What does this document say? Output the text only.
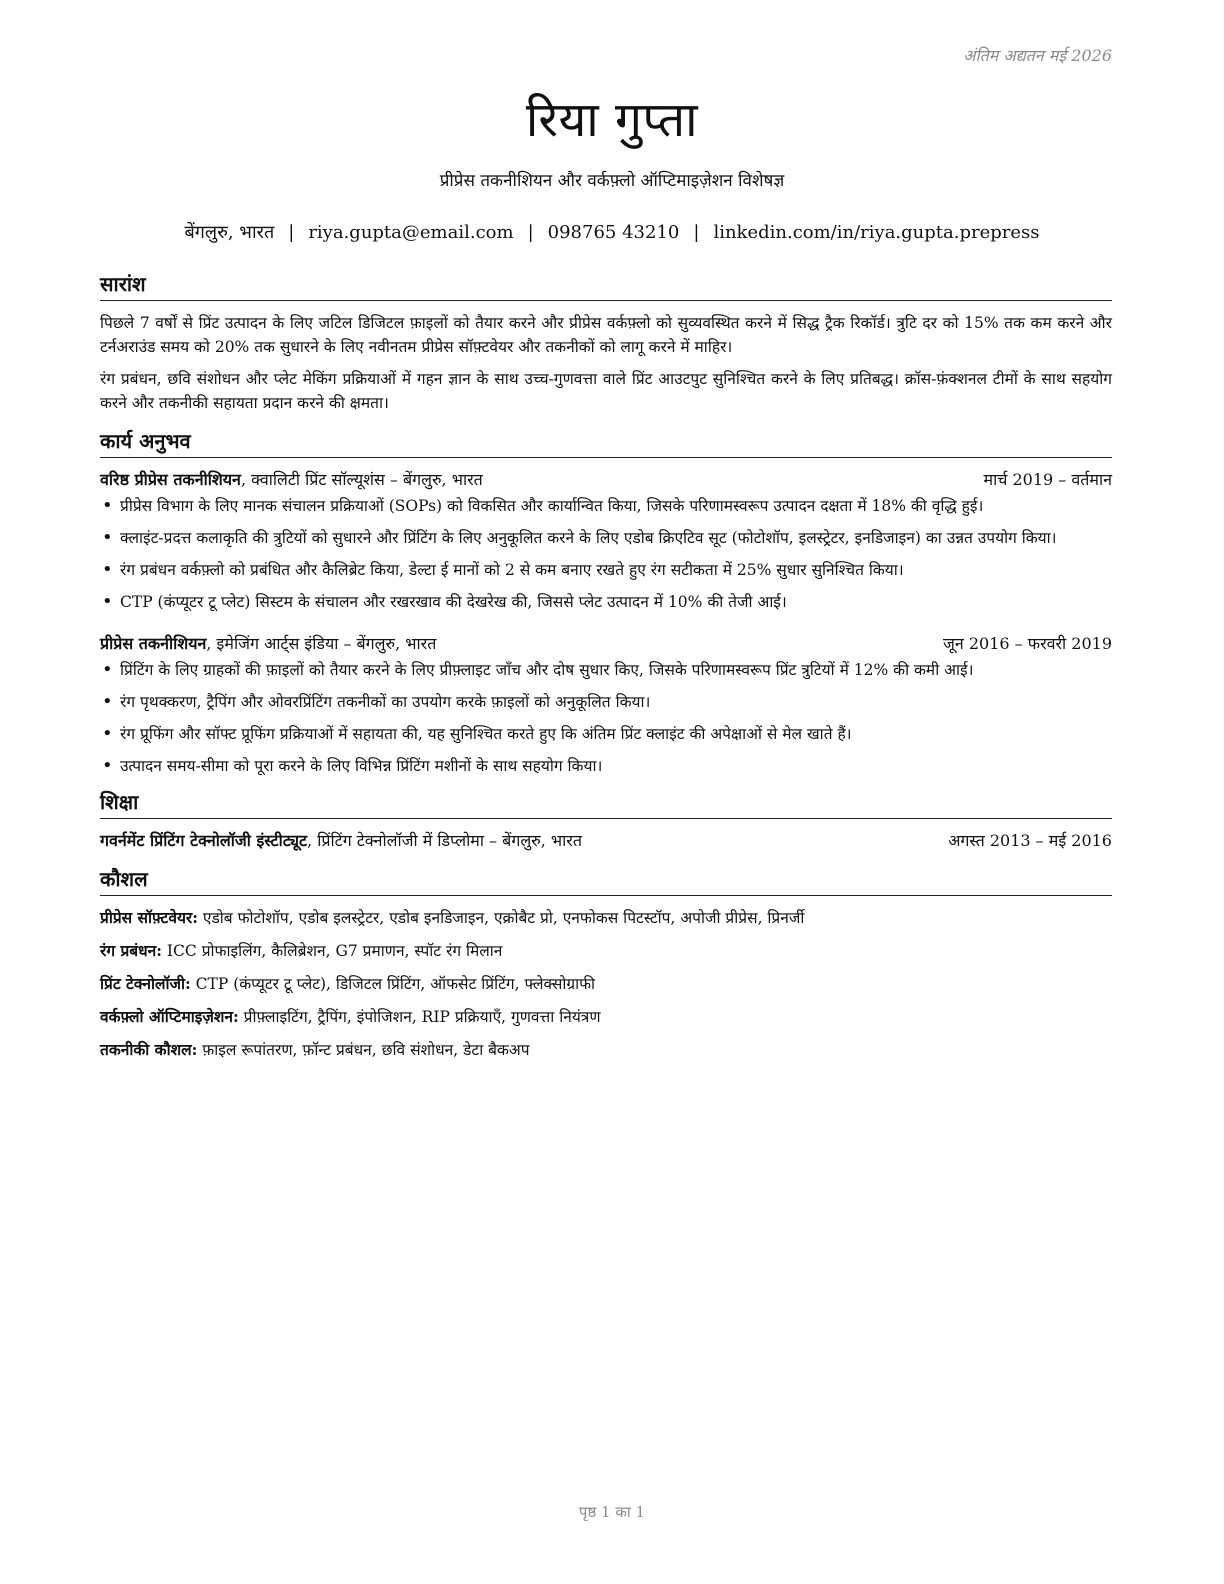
अंतिम अद्यतन मई 2026
रिया गुप्ता
प्रीप्रेस तकनीशियन और वर्कफ़्लो ऑप्टिमाइज़ेशन विशेषज्ञ
बेंगलुरु, भारत | riya.gupta@email.com | 098765 43210 | linkedin.com/in/riya.gupta.prepress
सारांश

पिछले 7 वर्षों से प्रिंट उत्पादन के लिए जटिल डिजिटल फ़ाइलों को तैयार करने और प्रीप्रेस वर्कफ़्लो को सुव्यवस्थित करने में सिद्ध ट्रैक रिकॉर्ड। त्रुटि दर को 15% तक कम करने और टर्नअराउंड समय को 20% तक सुधारने के लिए नवीनतम प्रीप्रेस सॉफ़्टवेयर और तकनीकों को लागू करने में माहिर।

रंग प्रबंधन, छवि संशोधन और प्लेट मेकिंग प्रक्रियाओं में गहन ज्ञान के साथ उच्च-गुणवत्ता वाले प्रिंट आउटपुट सुनिश्चित करने के लिए प्रतिबद्ध। क्रॉस-फ़ंक्शनल टीमों के साथ सहयोग करने और तकनीकी सहायता प्रदान करने की क्षमता।

कार्य अनुभव
वरिष्ठ प्रीप्रेस तकनीशियन, क्वालिटी प्रिंट सॉल्यूशंस – बेंगलुरु, भारत	मार्च 2019 – वर्तमान
• प्रीप्रेस विभाग के लिए मानक संचालन प्रक्रियाओं (SOPs) को विकसित और कार्यान्वित किया, जिसके परिणामस्वरूप उत्पादन दक्षता में 18% की वृद्धि हुई।
• क्लाइंट-प्रदत्त कलाकृति की त्रुटियों को सुधारने और प्रिंटिंग के लिए अनुकूलित करने के लिए एडोब क्रिएटिव सूट (फोटोशॉप, इलस्ट्रेटर, इनडिजाइन) का उन्नत उपयोग किया।
• रंग प्रबंधन वर्कफ़्लो को प्रबंधित और कैलिब्रेट किया, डेल्टा ई मानों को 2 से कम बनाए रखते हुए रंग सटीकता में 25% सुधार सुनिश्चित किया।
• CTP (कंप्यूटर टू प्लेट) सिस्टम के संचालन और रखरखाव की देखरेख की, जिससे प्लेट उत्पादन में 10% की तेजी आई।
प्रीप्रेस तकनीशियन, इमेजिंग आर्ट्स इंडिया – बेंगलुरु, भारत	जून 2016 – फरवरी 2019
• प्रिंटिंग के लिए ग्राहकों की फ़ाइलों को तैयार करने के लिए प्रीफ़्लाइट जाँच और दोष सुधार किए, जिसके परिणामस्वरूप प्रिंट त्रुटियों में 12% की कमी आई।
• रंग पृथक्करण, ट्रैपिंग और ओवरप्रिंटिंग तकनीकों का उपयोग करके फ़ाइलों को अनुकूलित किया।
• रंग प्रूफिंग और सॉफ्ट प्रूफिंग प्रक्रियाओं में सहायता की, यह सुनिश्चित करते हुए कि अंतिम प्रिंट क्लाइंट की अपेक्षाओं से मेल खाते हैं।
• उत्पादन समय-सीमा को पूरा करने के लिए विभिन्न प्रिंटिंग मशीनों के साथ सहयोग किया।
शिक्षा
गवर्नमेंट प्रिंटिंग टेक्नोलॉजी इंस्टीट्यूट, प्रिंटिंग टेक्नोलॉजी में डिप्लोमा – बेंगलुरु, भारत	अगस्त 2013 – मई 2016
कौशल

प्रीप्रेस सॉफ़्टवेयर: एडोब फोटोशॉप, एडोब इलस्ट्रेटर, एडोब इनडिजाइन, एक्रोबैट प्रो, एनफोकस पिटस्टॉप, अपोजी प्रीप्रेस, प्रिनर्जी

रंग प्रबंधन: ICC प्रोफाइलिंग, कैलिब्रेशन, G7 प्रमाणन, स्पॉट रंग मिलान

प्रिंट टेक्नोलॉजी: CTP (कंप्यूटर टू प्लेट), डिजिटल प्रिंटिंग, ऑफसेट प्रिंटिंग, फ्लेक्सोग्राफी

वर्कफ़्लो ऑप्टिमाइज़ेशन: प्रीफ़्लाइटिंग, ट्रैपिंग, इंपोजिशन, RIP प्रक्रियाएँ, गुणवत्ता नियंत्रण

तकनीकी कौशल: फ़ाइल रूपांतरण, फ़ॉन्ट प्रबंधन, छवि संशोधन, डेटा बैकअप

पृष्ठ 1 का 1
